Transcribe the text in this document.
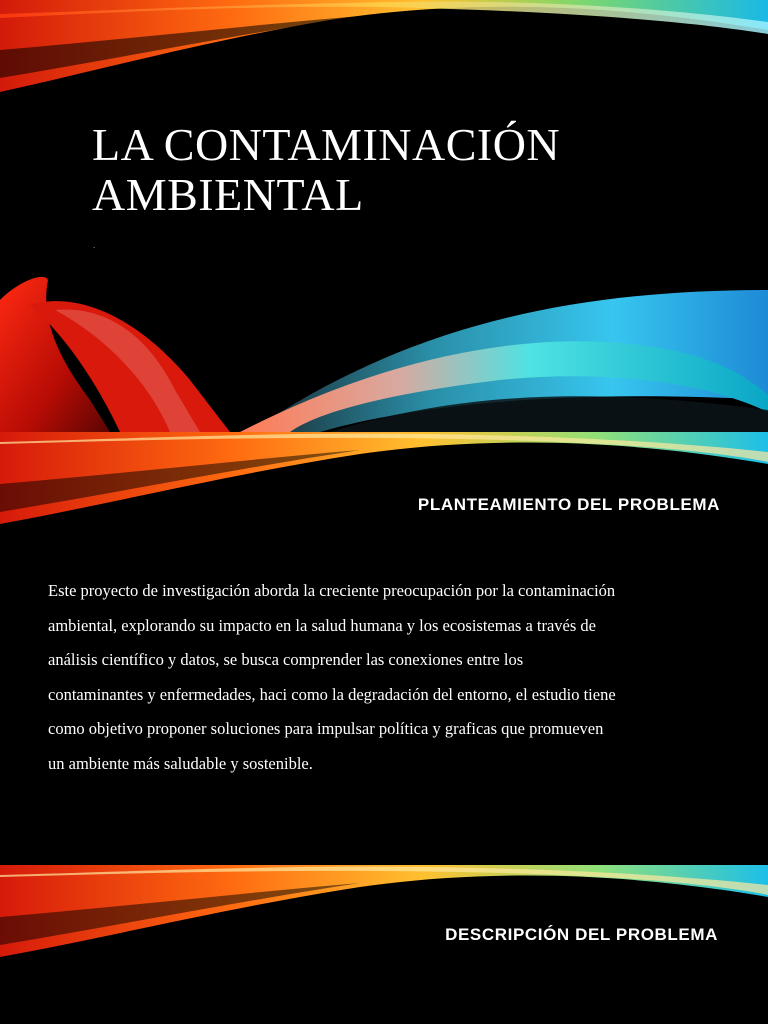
LA CONTAMINACIÓN
AMBIENTAL
.
PLANTEAMIENTO DEL PROBLEMA

Este proyecto de investigación aborda la creciente preocupación por la contaminación
ambiental, explorando su impacto en la salud humana y los ecosistemas a través de
análisis científico y datos, se busca comprender las conexiones entre los
contaminantes y enfermedades, haci como la degradación del entorno, el estudio tiene
como objetivo proponer soluciones para impulsar política y graficas que promueven
un ambiente más saludable y sostenible.

DESCRIPCIÓN DEL PROBLEMA
